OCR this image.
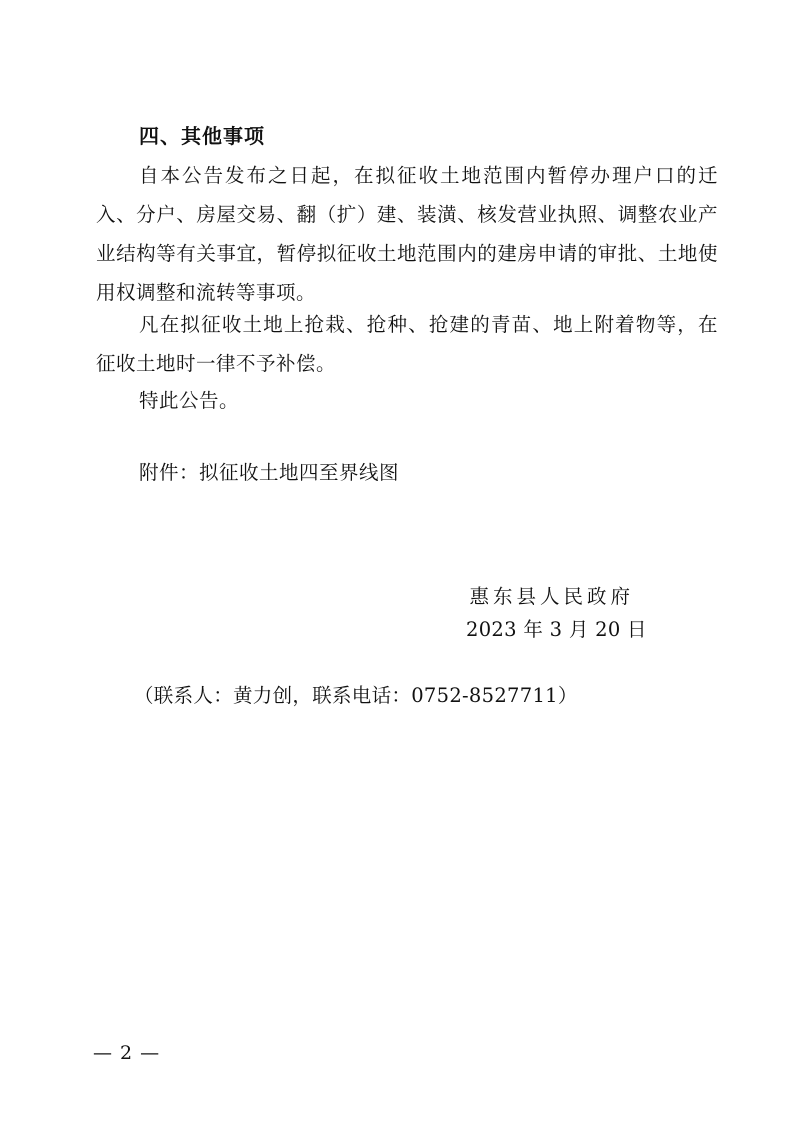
四、其他事项
自本公告发布之日起，在拟征收土地范围内暂停办理户口的迁入、分户、房屋交易、翻（扩）建、装潢、核发营业执照、调整农业产业结构等有关事宜，暂停拟征收土地范围内的建房申请的审批、土地使用权调整和流转等事项。
凡在拟征收土地上抢栽、抢种、抢建的青苗、地上附着物等，在征收土地时一律不予补偿。
特此公告。
附件：拟征收土地四至界线图
惠东县人民政府
2023 年 3 月 20 日
（联系人：黄力创，联系电话：0752-8527711）
— 2 —
